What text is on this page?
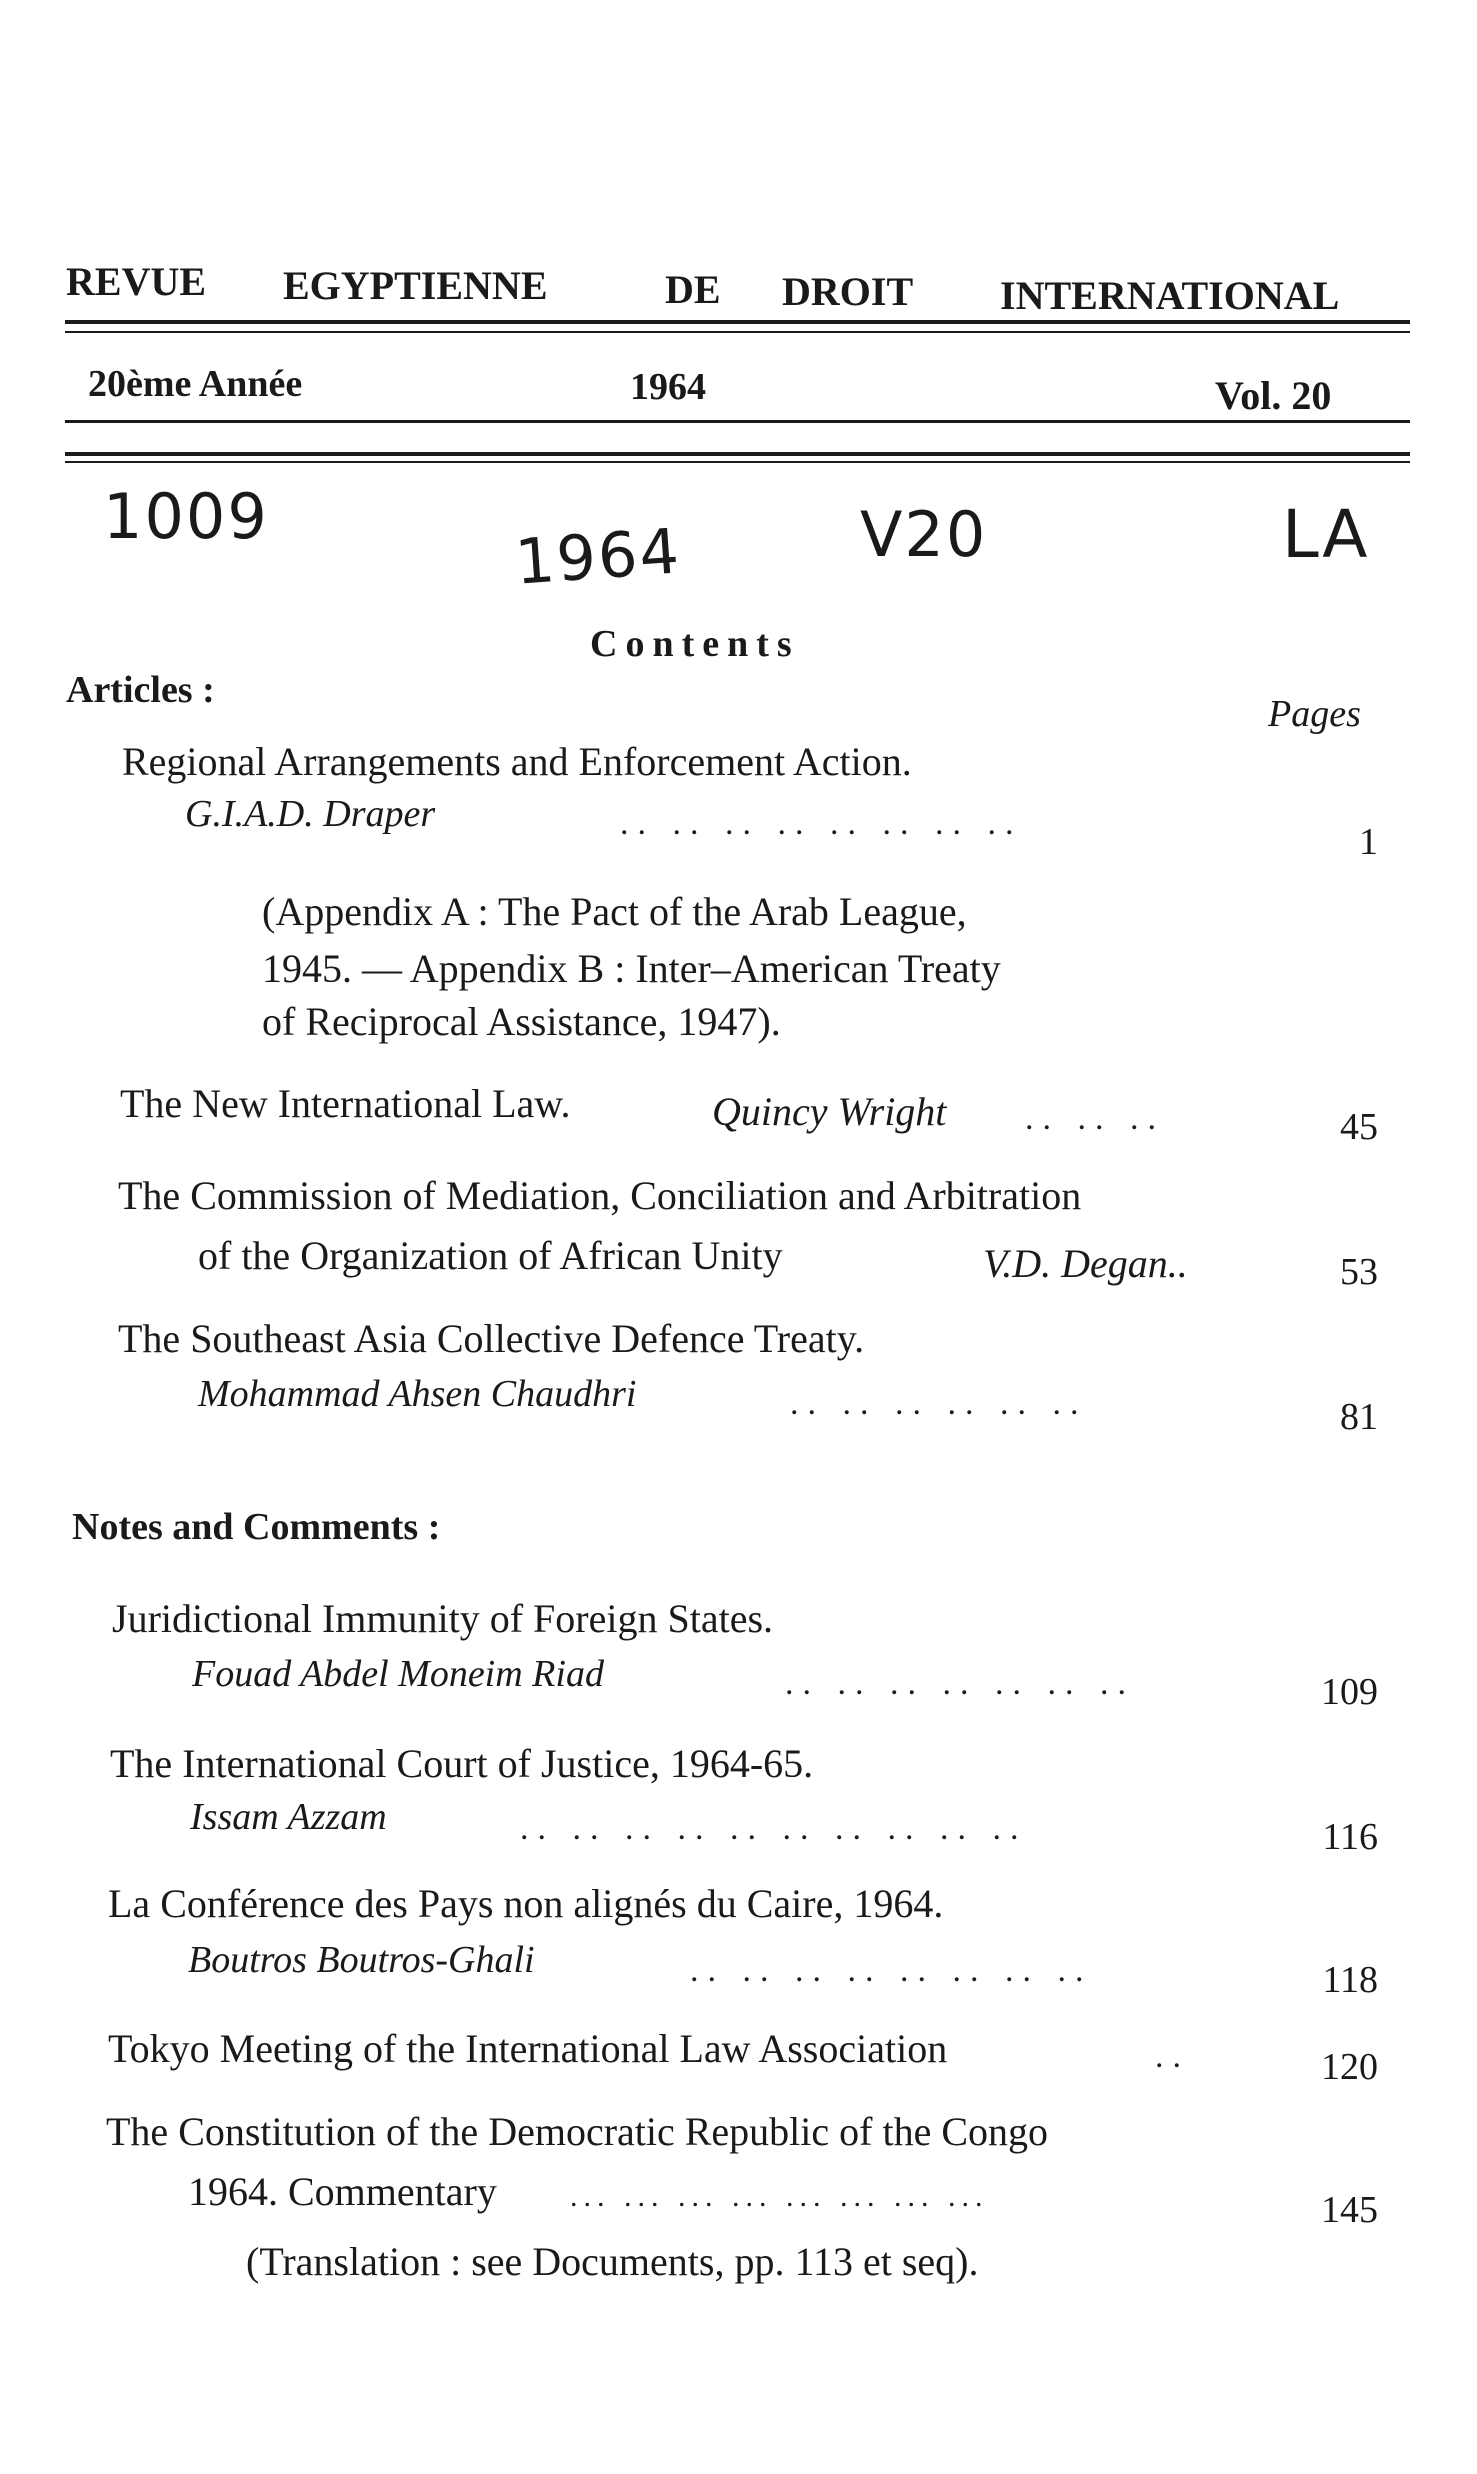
REVUE EGYPTIENNE	DE DROIT INTERNATIONAL
20ème Année	1964	Vol. 20
1009	1964	V20	LA
Contents
Articles :
Pages
Regional Arrangements and Enforcement Action.
G.I.A.D. Draper	.. .. .. .. .. .. .. ..	1
(Appendix A : The Pact of the Arab League,
1945. — Appendix B : Inter–American Treaty
of Reciprocal Assistance, 1947).
The New International Law.	Quincy Wright .. .. ..	45
The Commission of Mediation, Conciliation and Arbitration
of the Organization of African Unity	V.D. Degan..	53
The Southeast Asia Collective Defence Treaty.
Mohammad Ahsen Chaudhri	.. .. .. .. .. ..	81
Notes and Comments :
Juridictional Immunity of Foreign States.
Fouad Abdel Moneim Riad	.. .. .. .. .. .. ..	109
The International Court of Justice, 1964-65.
Issam Azzam	.. .. .. .. .. .. .. .. .. ..	116
La Conférence des Pays non alignés du Caire, 1964.
Boutros Boutros-Ghali	.. .. .. .. .. .. .. ..	118
Tokyo Meeting of the International Law Association	..	120
The Constitution of the Democratic Republic of the Congo
1964. Commentary ... ... ... ... ... ... ... ...	145
(Translation : see Documents, pp. 113 et seq).
